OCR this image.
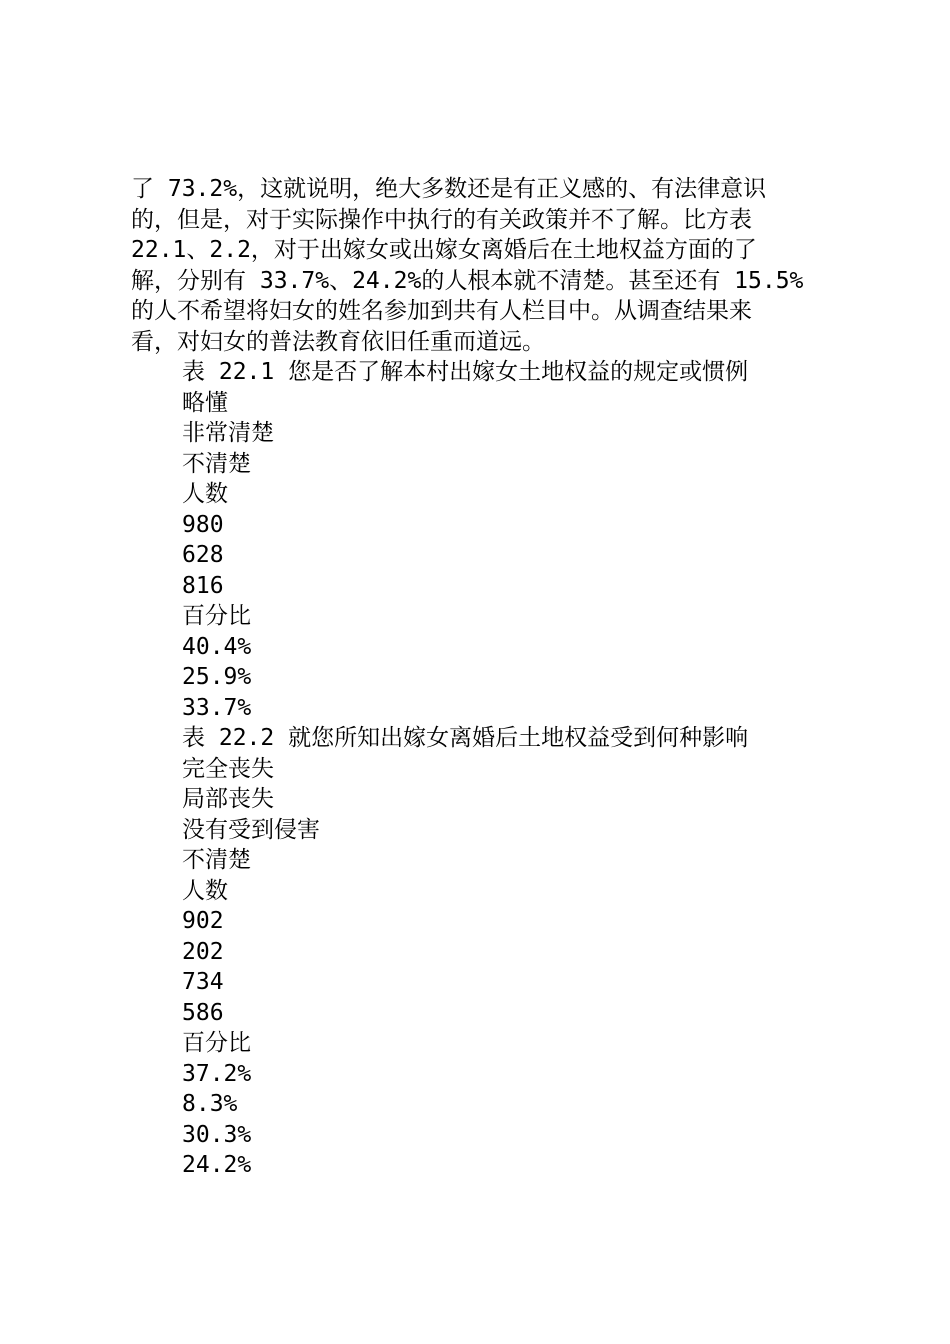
了 73.2%，这就说明，绝大多数还是有正义感的、有法律意识
的，但是，对于实际操作中执行的有关政策并不了解。比方表
22.1、2.2，对于出嫁女或出嫁女离婚后在土地权益方面的了
解，分别有 33.7%、24.2%的人根本就不清楚。甚至还有 15.5%
的人不希望将妇女的姓名参加到共有人栏目中。从调查结果来
看，对妇女的普法教育依旧任重而道远。
表 22.1 您是否了解本村出嫁女土地权益的规定或惯例
略懂
非常清楚
不清楚
人数
980
628
816
百分比
40.4%
25.9%
33.7%
表 22.2 就您所知出嫁女离婚后土地权益受到何种影响
完全丧失
局部丧失
没有受到侵害
不清楚
人数
902
202
734
586
百分比
37.2%
8.3%
30.3%
24.2%
